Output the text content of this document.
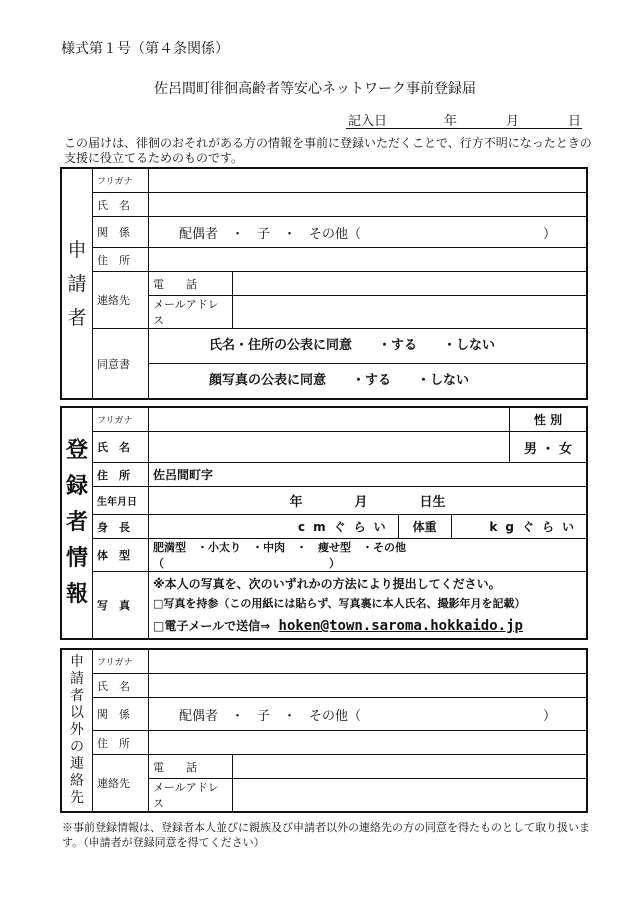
様式第１号（第４条関係）
佐呂間町徘徊高齢者等安心ネットワーク事前登録届
記入日	年	月	日
この届けは、徘徊のおそれがある方の情報を事前に登録いただくことで、行方不明になったときの支援に役立てるためのものです。
申請者	フリガナ		
	氏　名		
	関　係	配偶者　・　子　・　その他（　　　　　　　　　　　　　　）	
	住　所		
	連絡先	電　　話	
		メールアドレス	
	同意書	氏名・住所の公表に同意　　・する　　・しない
顔写真の公表に同意　　・する　　・しない	
登録者情報	フリガナ				性 別
	氏　名				男 ・ 女
	住　所	佐呂間町字			
	生年月日	年　　　　月　　　　日生			
	身　長	cmぐらい	体重	kgぐらい	
	体　型	肥満型　・小太り　・中肉　・　痩せ型　・その他（　　　　　　　　　　　　　　　）			
	写　真	※本人の写真を、次のいずれかの方法により提出してください。
□写真を持参（この用紙には貼らず、写真裏に本人氏名、撮影年月を記載）
□電子メールで送信⇒ hoken@town.saroma.hokkaido.jp			
申請者以外の連絡先	フリガナ		
	氏　名		
	関　係	配偶者　・　子　・　その他（　　　　　　　　　　　　　　）	
	住　所		
	連絡先	電　　話	
		メールアドレス	
※事前登録情報は、登録者本人並びに親族及び申請者以外の連絡先の方の同意を得たものとして取り扱います。（申請者が登録同意を得てください）
